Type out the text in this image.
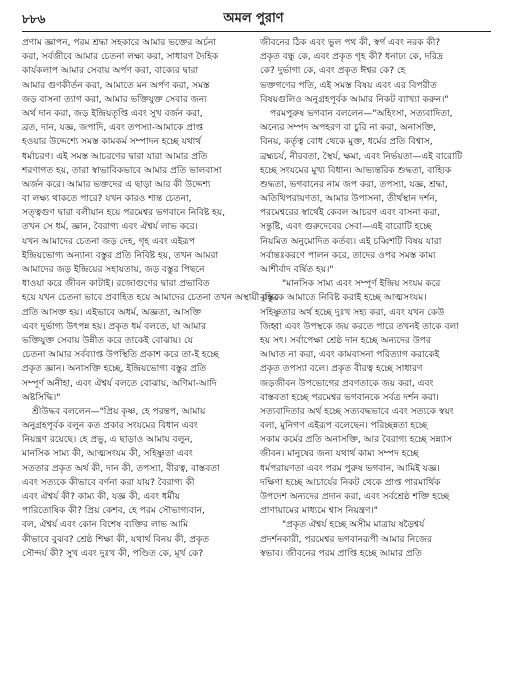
৮৮৬	অমল পুরাণ
প্রণাম জ্ঞাপন, পরম শ্রদ্ধা সহকারে আমার ভক্তের অর্চনা
করা, সর্বজীবে আমার চেতনা লক্ষ্য করা, সাধারণ দৈহিক
কার্যকলাপ আমার সেবায় অর্পণ করা, বাক্যের দ্বারা
আমার গুণকীর্তন করা, আমাতে মন অর্পণ করা, সমস্ত
জড় বাসনা ত্যাগ করা, আমার ভক্তিযুক্ত সেবার জন্য
অর্থ দান করা, জড় ইন্দ্রিয়তৃপ্তি এবং সুখ বর্জন করা,
ব্রত, দান, যজ্ঞ, জপাদি, এবং তপস্যা-আমাকে প্রাপ্ত
হওয়ার উদ্দেশ্যে সমস্ত কামকর্ম সম্পাদন হচ্ছে যথার্থ
ধর্মাচরণ। এই সমস্ত আচরণের দ্বারা যারা আমার প্রতি
শরণাগত হয়, তারা স্বাভাবিকভাবে আমার প্রতি ভালবাসা
অর্জন করে। আমার ভক্তদের এ ছাড়া আর কী উদ্দেশ্য
বা লক্ষ্য থাকতে পারে? যখন কারও শান্ত চেতনা,
সত্ত্বগুণ দ্বারা বলীয়ান হয়ে পরমেশ্বর ভগবানে নিবিষ্ট হয়,
তখন সে ধর্ম, জ্ঞান, বৈরাগ্য এবং ঐশ্বর্য লাভ করে।
যখন আমাদের চেতনা জড় দেহ, গৃহ এবং এইরূপ
ইন্দ্রিয়ভোগ্য অন্যান্য বস্তুর প্রতি নিবিষ্ট হয়, তখন আমরা
আমাদের জড় ইন্দ্রিয়ের সহায়তায়, জড় বস্তুর পিছনে
ধাওয়া করে জীবন কাটাই। রজোগুণের দ্বারা প্রভাবিত
হয়ে যখন চেতনা ভাবে প্রবাহিত হয়ে আমাদের চেতনা তখন অস্থায়ী বস্তুর
প্রতি আসক্ত হয়। এইভাবে অধর্ম, অজ্ঞতা, আসক্তি
এবং দুর্ভাগ্য উৎপন্ন হয়। প্রকৃত ধর্ম বলতে, যা আমার
ভক্তিযুক্ত সেবায় উন্নীত করে তাকেই বোঝায়। যে
চেতনা আমার সর্বব্যাপ্ত উপস্থিতি প্রকাশ করে তা-ই হচ্ছে
প্রকৃত জ্ঞান। অনাসক্তি হচ্ছে, ইন্দ্রিয়ভোগ্য বস্তুর প্রতি
সম্পূর্ণ অনীহা, এবং ঐশ্বর্য বলতে বোঝায়, অণিমা-আদি
অষ্টসিদ্ধি।"
শ্রীউদ্ধব বললেন—"প্রিয় কৃষ্ণ, হে পরন্তপ, আমায়
অনুগ্রহপূর্বক বলুন কত প্রকার সংযমের বিধান এবং
নিয়ন্ত্রণ রয়েছে। হে প্রভু, এ ছাড়াও আমায় বলুন,
মানসিক সাম্য কী, আত্মসংযম কী, সহিষ্ণুতা এবং
সততার প্রকৃত অর্থ কী, দান কী, তপস্যা, বীরত্ব, বাস্তবতা
এবং সত্যকে কীভাবে বর্ণনা করা যায়? বৈরাগ্য কী
এবং ঐশ্বর্য কী? কাম্য কী, যজ্ঞ কী, এবং ধর্মীয়
পারিতোষিক কী? প্রিয় কেশব, হে পরম সৌভাগ্যবান,
বল, ঐশ্বর্য এবং কোন বিশেষ ব্যক্তির লাভ আমি
কীভাবে বুঝব? শ্রেষ্ঠ শিক্ষা কী, যথার্থ বিনয় কী, প্রকৃত
সৌন্দর্য কী? সুখ এবং দুঃখ কী, পণ্ডিত কে, মূর্খ কে?
জীবনের ঠিক এবং ভুল পথ কী, স্বর্গ এবং নরক কী?
প্রকৃত বন্ধু কে, এবং প্রকৃত গৃহ কী? ধনাঢ্য কে, দরিদ্র
কে? দুর্ভাগা কে, এবং প্রকৃত ঈশ্বর কে? হে
ভক্তগণের পতি, এই সমস্ত বিষয় এবং এর বিপরীত
বিষয়গুলিও অনুগ্রহপূর্বক আমার নিকট ব্যাখ্যা করুন।"
পরমপুরুষ ভগবান বললেন—"অহিংসা, সত্যবাদিতা,
অন্যের সম্পদ অপহরণ বা চুরি না করা, অনাসক্তি,
বিনয়, কর্তৃত্ব বোধ থেকে মুক্ত, ধর্মের প্রতি বিশ্বাস,
ব্রহ্মচর্য, নীরবতা, স্থৈর্য, ক্ষমা, এবং নির্ভয়তা—এই বারোটি
হচ্ছে সংযমের মুখ্য বিধান। আভ্যন্তরিক শুদ্ধতা, বাহ্যিক
শুদ্ধতা, ভগবানের নাম জপ করা, তপস্যা, যজ্ঞ, শ্রদ্ধা,
অতিথিপরায়ণতা, আমার উপাসনা, তীর্থস্থান দর্শন,
পরমেশ্বরের স্বার্থেই কেবল আচরণ এবং বাসনা করা,
সন্তুষ্টি, এবং গুরুদেবের সেবা—এই বারোটি হচ্ছে
নিয়মিত অনুমোদিত কর্তব্য। এই চব্বিশটি বিষয় যারা
সর্বান্তঃকরণে পালন করে, তাদের ওপর সমস্ত কাম্য
আশীর্বাদ বর্ষিত হয়।"
"মানসিক সাম্য এবং সম্পূর্ণ ইন্দ্রিয় সংযম করে
বুদ্ধিকে আমাতে নিবিষ্ট করাই হচ্ছে আত্মসংযম।
সহিষ্ণুতার অর্থ হচ্ছে দুঃখ সহ্য করা, এবং যখন কেউ
জিহ্বা এবং উপস্থকে জয় করতে পারে তখনই তাকে বলা
হয় সৎ। সর্বাপেক্ষা শ্রেষ্ঠ দান হচ্ছে অন্যদের উপর
আঘাত না করা, এবং কামবাসনা পরিত্যাগ করাকেই
প্রকৃত তপস্যা বলে। প্রকৃত বীরত্ব হচ্ছে সাধারণ
জড়জীবন উপভোগের প্রবণতাকে জয় করা, এবং
বাস্তবতা হচ্ছে পরমেশ্বর ভগবানকে সর্বত্র দর্শন করা।
সত্যবাদিতার অর্থ হচ্ছে সত্যবদ্ধভাবে এবং সত্যকে স্বয়ং
বলা, মুনিগণ এইরূপ বলেছেন। পরিচ্ছন্নতা হচ্ছে
সকাম কর্মের প্রতি অনাসক্তি, আর বৈরাগ্য হচ্ছে সন্ন্যাস
জীবন। মানুষের জন্য যথার্থ কাম্য সম্পদ হচ্ছে
ধর্মপরায়ণতা এবং পরম পুরুষ ভগবান, আমিই যজ্ঞ।
দক্ষিণা হচ্ছে আচার্যের নিকট থেকে প্রাপ্ত পারমার্থিক
উপদেশ অন্যদের প্রদান করা, এবং সর্বশ্রেষ্ঠ শক্তি হচ্ছে
প্রাণায়ামের মাধ্যমে শ্বাস নিয়ন্ত্রণ।"
"প্রকৃত ঐশ্বর্য হচ্ছে অসীম মাত্রায় ষড়ৈশ্বর্য
প্রদর্শনকারী, পরমেশ্বর ভগবানরূপী আমার নিজের
স্বভাব। জীবনের পরম প্রাপ্তি হচ্ছে আমার প্রতি
